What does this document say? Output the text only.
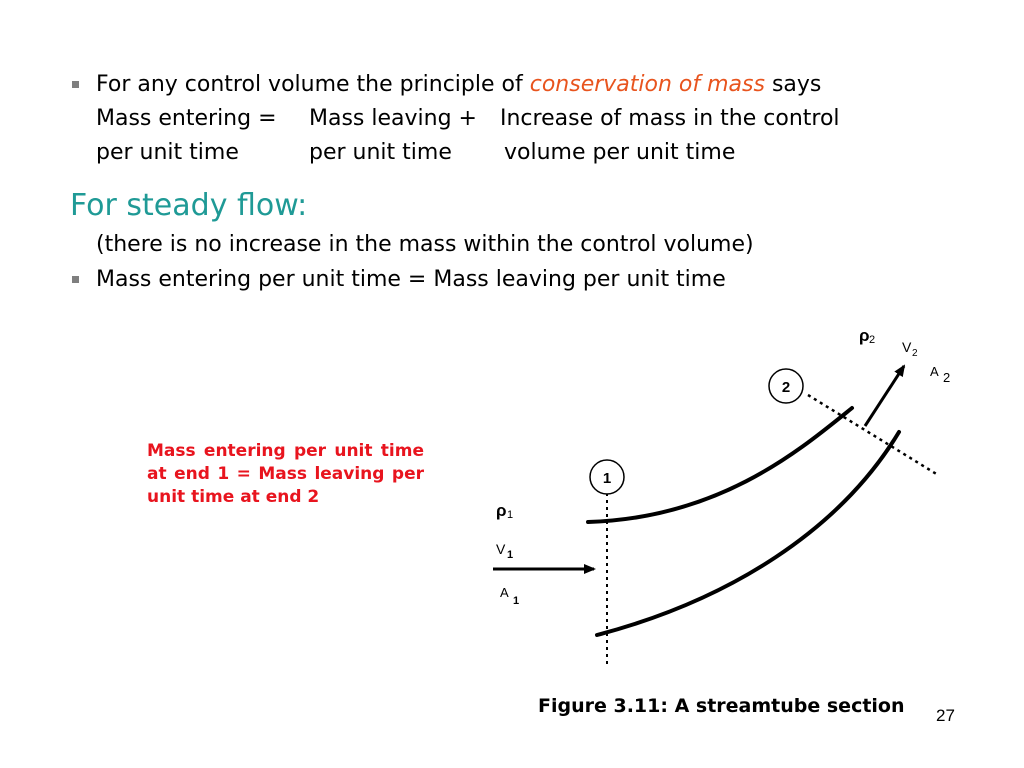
For any control volume the principle of conservation of mass says

Mass entering =

Mass leaving +

Increase of mass in the control

per unit time

	per unit time

volume per unit time

For steady flow:
(there is no increase in the mass within the control volume)
Mass entering per unit time = Mass leaving per unit time
Mass entering per unit time at end 1 = Mass leaving per unit time at end 2
1
2
ρ 1
V 1
A
1
ρ 2 V 2
A 2
Figure 3.11: A streamtube section 27
